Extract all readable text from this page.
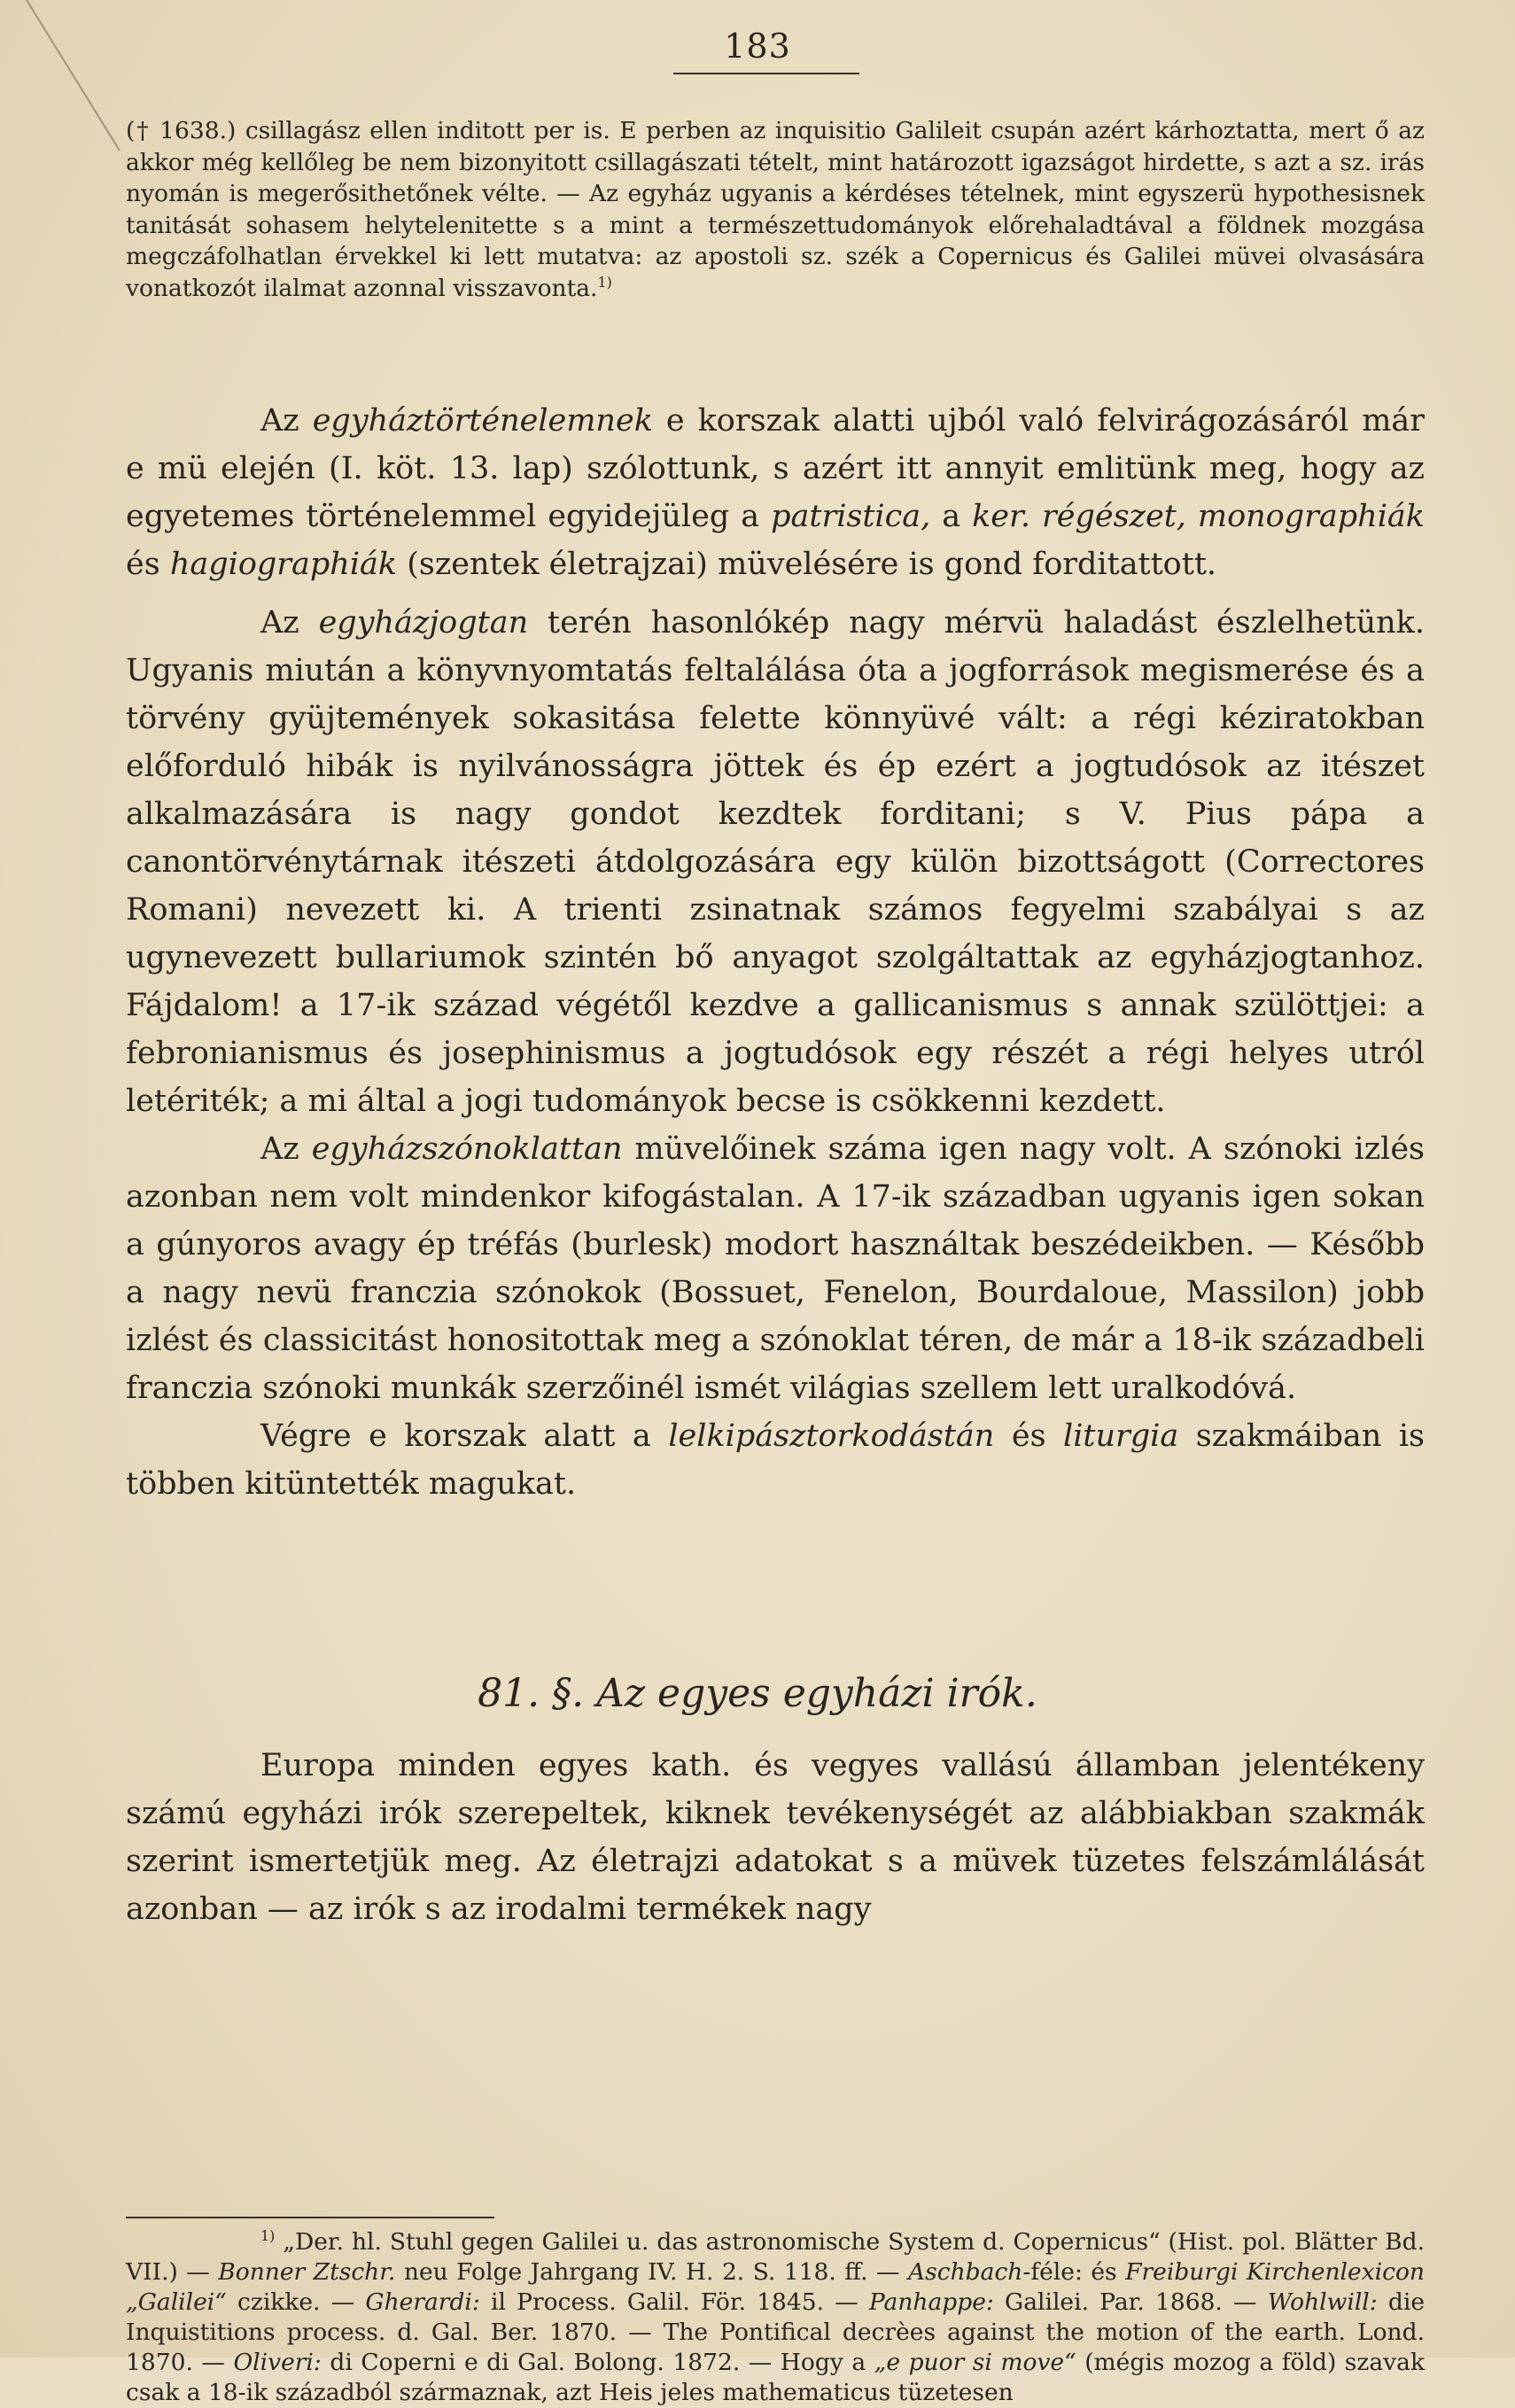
183

(† 1638.) csillagász ellen inditott per is. E perben az inquisitio Galileit csupán azért kárhoztatta, mert ő az akkor még kellőleg be nem bizonyitott csillagászati tételt, mint határozott igazságot hirdette, s azt a sz. irás nyomán is megerősithetőnek vélte. — Az egyház ugyanis a kérdéses tételnek, mint egyszerü hypothesisnek tanitását sohasem helytelenitette s a mint a természettudományok előrehaladtával a földnek mozgása megczáfolhatlan érvekkel ki lett mutatva: az apostoli sz. szék a Copernicus és Galilei müvei olvasására vonatkozót ilalmat azonnal visszavonta.$^{1)}$

Az egyháztörténelemnek e korszak alatti ujból való felvirágozásáról már e mü elején (I. köt. 13. lap) szólottunk, s azért itt annyit emlitünk meg, hogy az egyetemes történelemmel egyidejüleg a patristica, a ker. régészet, monographiák és hagiographiák (szentek életrajzai) müvelésére is gond forditattott.

Az egyházjogtan terén hasonlókép nagy mérvü haladást észlelhetünk. Ugyanis miután a könyvnyomtatás feltalálása óta a jogforrások megismerése és a törvény gyüjtemények sokasitása felette könnyüvé vált: a régi kéziratokban előforduló hibák is nyilvánosságra jöttek és ép ezért a jogtudósok az itészet alkalmazására is nagy gondot kezdtek forditani; s V. Pius pápa a canontörvénytárnak itészeti átdolgozására egy külön bizottságott (Correctores Romani) nevezett ki. A trienti zsinatnak számos fegyelmi szabályai s az ugynevezett bullariumok szintén bő anyagot szolgáltattak az egyházjogtanhoz. Fájdalom! a 17-ik század végétől kezdve a gallicanismus s annak szülöttjei: a febronianismus és josephinismus a jogtudósok egy részét a régi helyes utról letériték; a mi által a jogi tudományok becse is csökkenni kezdett.

Az egyházszónoklattan müvelőinek száma igen nagy volt. A szónoki izlés azonban nem volt mindenkor kifogástalan. A 17-ik században ugyanis igen sokan a gúnyoros avagy ép tréfás (burlesk) modort használtak beszédeikben. — Később a nagy nevü franczia szónokok (Bossuet, Fenelon, Bourdaloue, Massilon) jobb izlést és classicitást honositottak meg a szónoklat téren, de már a 18-ik századbeli franczia szónoki munkák szerzőinél ismét világias szellem lett uralkodóvá.

Végre e korszak alatt a lelkipásztorkodástán és liturgia szakmáiban is többen kitüntették magukat.

81. §. Az egyes egyházi irók.

Europa minden egyes kath. és vegyes vallású államban jelentékeny számú egyházi irók szerepeltek, kiknek tevékenységét az alábbiakban szakmák szerint ismertetjük meg. Az életrajzi adatokat s a müvek tüzetes felszámlálását azonban — az irók s az irodalmi termékek nagy

$^{1)}$ „Der. hl. Stuhl gegen Galilei u. das astronomische System d. Copernicus“ (Hist. pol. Blätter Bd. VII.) — Bonner Ztschr. neu Folge Jahrgang IV. H. 2. S. 118. ff. — Aschbach-féle: és Freiburgi Kirchenlexicon „Galilei“ czikke. — Gherardi: il Process. Galil. För. 1845. — Panhappe: Galilei. Par. 1868. — Wohlwill: die Inquistitions process. d. Gal. Ber. 1870. — The Pontifical decrèes against the motion of the earth. Lond. 1870. — Oliveri: di Coperni e di Gal. Bolong. 1872. — Hogy a „e puor si move“ (mégis mozog a föld) szavak csak a 18-ik századból származnak, azt Heis jeles mathematicus tüzetesen
